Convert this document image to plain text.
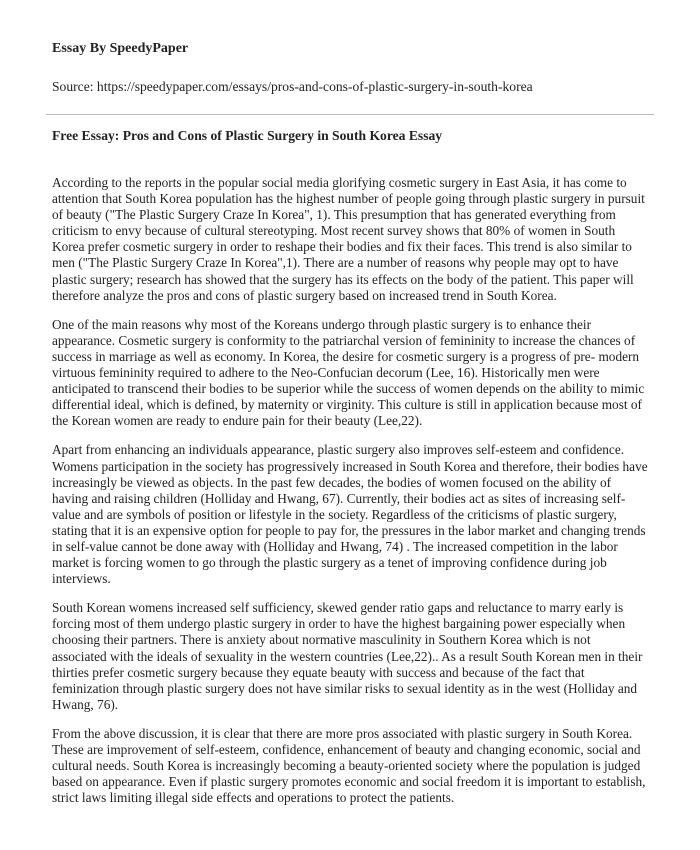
Essay By SpeedyPaper
Source: https://speedypaper.com/essays/pros-and-cons-of-plastic-surgery-in-south-korea
Free Essay: Pros and Cons of Plastic Surgery in South Korea Essay

According to the reports in the popular social media glorifying cosmetic surgery in East Asia, it has come to attention that South Korea population has the highest number of people going through plastic surgery in pursuit of beauty ("The Plastic Surgery Craze In Korea", 1). This presumption that has generated everything from criticism to envy because of cultural stereotyping. Most recent survey shows that 80% of women in South Korea prefer cosmetic surgery in order to reshape their bodies and fix their faces. This trend is also similar to men ("The Plastic Surgery Craze In Korea",1). There are a number of reasons why people may opt to have plastic surgery; research has showed that the surgery has its effects on the body of the patient. This paper will therefore analyze the pros and cons of plastic surgery based on increased trend in South Korea.

One of the main reasons why most of the Koreans undergo through plastic surgery is to enhance their appearance. Cosmetic surgery is conformity to the patriarchal version of femininity to increase the chances of success in marriage as well as economy. In Korea, the desire for cosmetic surgery is a progress of pre- modern virtuous femininity required to adhere to the Neo-Confucian decorum (Lee, 16). Historically men were anticipated to transcend their bodies to be superior while the success of women depends on the ability to mimic differential ideal, which is defined, by maternity or virginity. This culture is still in application because most of the Korean women are ready to endure pain for their beauty (Lee,22).

Apart from enhancing an individuals appearance, plastic surgery also improves self-esteem and confidence. Womens participation in the society has progressively increased in South Korea and therefore, their bodies have increasingly be viewed as objects. In the past few decades, the bodies of women focused on the ability of having and raising children (Holliday and Hwang, 67). Currently, their bodies act as sites of increasing self-value and are symbols of position or lifestyle in the society. Regardless of the criticisms of plastic surgery, stating that it is an expensive option for people to pay for, the pressures in the labor market and changing trends in self-value cannot be done away with (Holliday and Hwang, 74) . The increased competition in the labor market is forcing women to go through the plastic surgery as a tenet of improving confidence during job interviews.

South Korean womens increased self sufficiency, skewed gender ratio gaps and reluctance to marry early is forcing most of them undergo plastic surgery in order to have the highest bargaining power especially when choosing their partners. There is anxiety about normative masculinity in Southern Korea which is not associated with the ideals of sexuality in the western countries (Lee,22).. As a result South Korean men in their thirties prefer cosmetic surgery because they equate beauty with success and because of the fact that feminization through plastic surgery does not have similar risks to sexual identity as in the west (Holliday and Hwang, 76).

From the above discussion, it is clear that there are more pros associated with plastic surgery in South Korea. These are improvement of self-esteem, confidence, enhancement of beauty and changing economic, social and cultural needs. South Korea is increasingly becoming a beauty-oriented society where the population is judged based on appearance. Even if plastic surgery promotes economic and social freedom it is important to establish, strict laws limiting illegal side effects and operations to protect the patients.
